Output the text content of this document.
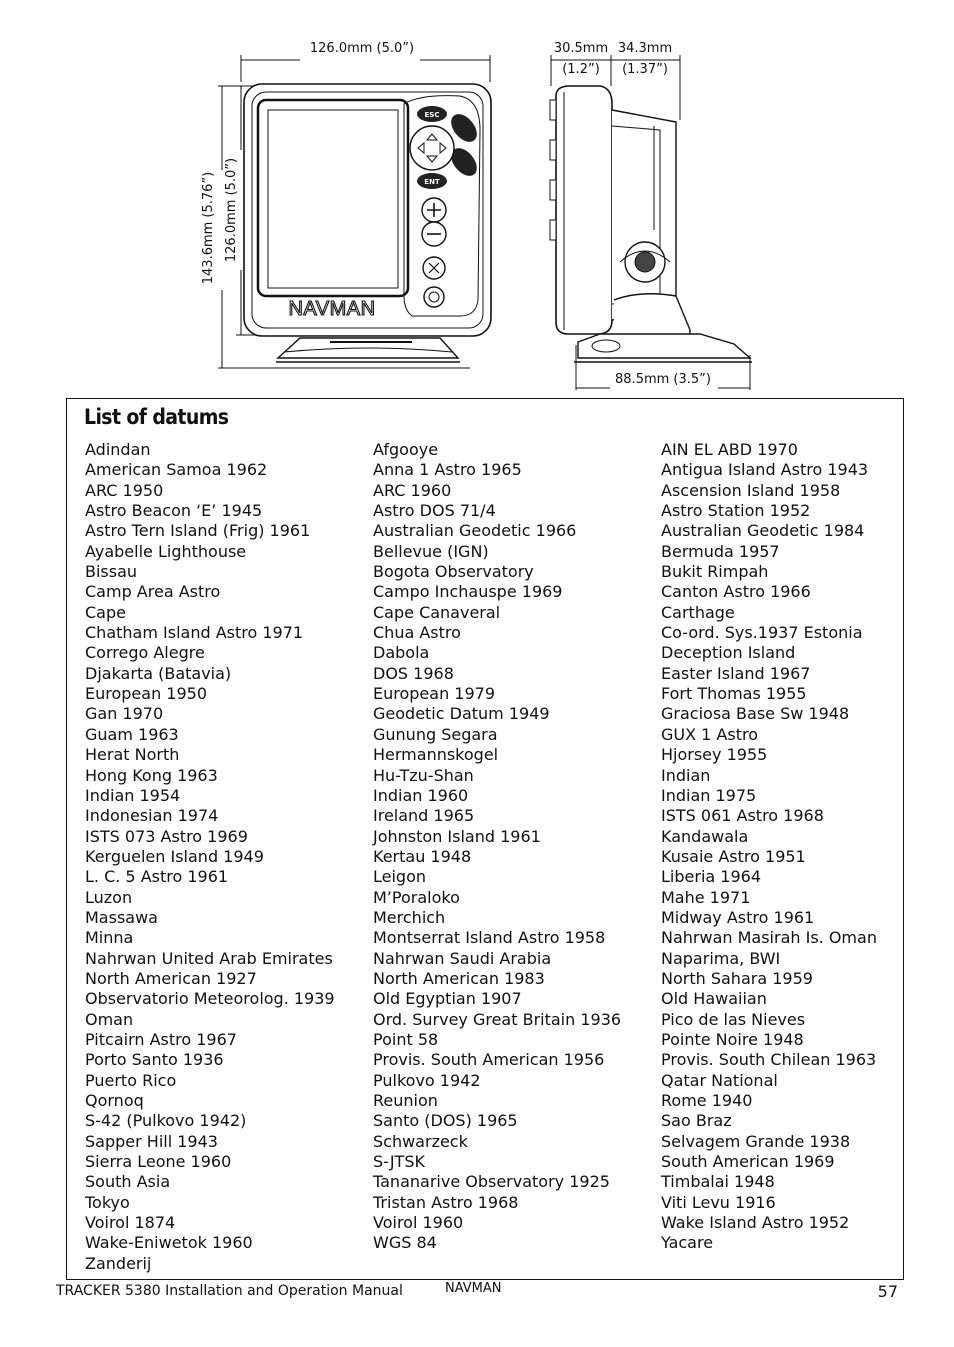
126.0mm (5.0”)
143.6mm (5.76”) 126.0mm (5.0”)
ESC
ENT
NAVMAN
30.5mm
(1.2”)
34.3mm
(1.37”)
88.5mm (3.5”)
List of datums
Adindan
American Samoa 1962
ARC 1950
Astro Beacon ‘E’ 1945
Astro Tern Island (Frig) 1961
Ayabelle Lighthouse
Bissau
Camp Area Astro
Cape
Chatham Island Astro 1971
Corrego Alegre
Djakarta (Batavia)
European 1950
Gan 1970
Guam 1963
Herat North
Hong Kong 1963
Indian 1954
Indonesian 1974
ISTS 073 Astro 1969
Kerguelen Island 1949
L. C. 5 Astro 1961
Luzon
Massawa
Minna
Nahrwan United Arab Emirates
North American 1927
Observatorio Meteorolog. 1939
Oman
Pitcairn Astro 1967
Porto Santo 1936
Puerto Rico
Qornoq
S-42 (Pulkovo 1942)
Sapper Hill 1943
Sierra Leone 1960
South Asia
Tokyo
Voirol 1874
Wake-Eniwetok 1960
Zanderij
Afgooye
Anna 1 Astro 1965
ARC 1960
Astro DOS 71/4
Australian Geodetic 1966
Bellevue (IGN)
Bogota Observatory
Campo Inchauspe 1969
Cape Canaveral
Chua Astro
Dabola
DOS 1968
European 1979
Geodetic Datum 1949
Gunung Segara
Hermannskogel
Hu-Tzu-Shan
Indian 1960
Ireland 1965
Johnston Island 1961
Kertau 1948
Leigon
M’Poraloko
Merchich
Montserrat Island Astro 1958
Nahrwan Saudi Arabia
North American 1983
Old Egyptian 1907
Ord. Survey Great Britain 1936
Point 58
Provis. South American 1956
Pulkovo 1942
Reunion
Santo (DOS) 1965
Schwarzeck
S-JTSK
Tananarive Observatory 1925
Tristan Astro 1968
Voirol 1960
WGS 84
AIN EL ABD 1970
Antigua Island Astro 1943
Ascension Island 1958
Astro Station 1952
Australian Geodetic 1984
Bermuda 1957
Bukit Rimpah
Canton Astro 1966
Carthage
Co-ord. Sys.1937 Estonia
Deception Island
Easter Island 1967
Fort Thomas 1955
Graciosa Base Sw 1948
GUX 1 Astro
Hjorsey 1955
Indian
Indian 1975
ISTS 061 Astro 1968
Kandawala
Kusaie Astro 1951
Liberia 1964
Mahe 1971
Midway Astro 1961
Nahrwan Masirah Is. Oman
Naparima, BWI
North Sahara 1959
Old Hawaiian
Pico de las Nieves
Pointe Noire 1948
Provis. South Chilean 1963
Qatar National
Rome 1940
Sao Braz
Selvagem Grande 1938
South American 1969
Timbalai 1948
Viti Levu 1916
Wake Island Astro 1952
Yacare
TRACKER 5380 Installation and Operation Manual	NAVMAN	57
